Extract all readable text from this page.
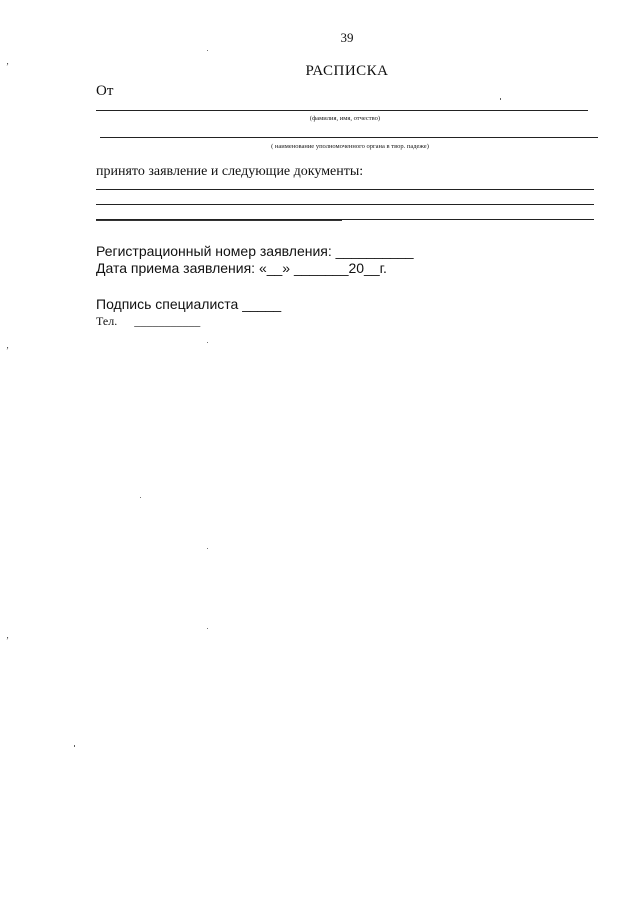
39
РАСПИСКА
От
(фамилия, имя, отчество)
( наименование уполномоченного органа в твор. падеже)
принято заявление и следующие документы:
Регистрационный номер заявления: __________
Дата приема заявления: «__» _______20__г.
Подпись специалиста _____
Тел. ___________
‚
‚
‚
